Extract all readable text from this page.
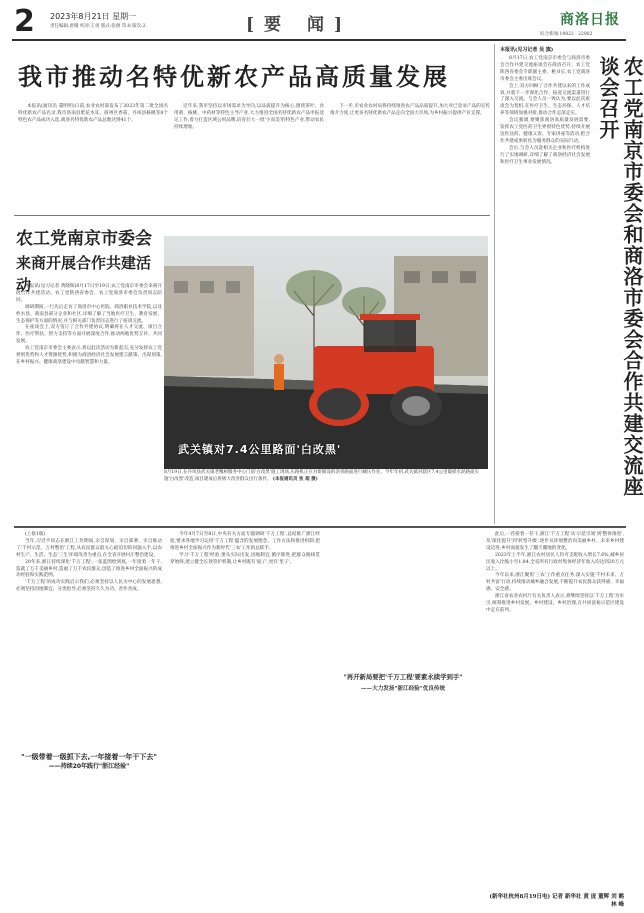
2 2023年8月21日 星期一
责任编辑:唐珊 校对:王勇 版式:张俊 印:8 版次:2	[要 闻]	商洛日报
综合新闻:19822 · 22902
我市推动名特优新农产品高质量发展

本报讯(通讯员 董明明)日前,农业农村部发布了2023年第二批全国名特优新农产品名录,我市洛南县紫花木耳、商州区香菇、丹凤县核桃等8个特色农产品成功入选,商洛名特优新农产品总数达到41个。

近年来,我市坚持以市场需求为导向,以品质提升为核心,围绕茶叶、食用菌、核桃、中药材等特色主导产业,大力推进全国名特优新农产品申报登记工作,着力打造区域公用品牌,培育壮大一批'小而美'的特色产业,带动农民持续增收。

下一步,市农业农村局将持续推进农产品品质提升,加大对已登录产品的宣传推介力度,让更多名特优新农产品走向全国大市场,为乡村振兴提供产业支撑。

本报讯(见习记者 吴 旗)
农工党南京市委会和商洛市委会合作共建交流座谈会召开

8月17日,农工党南京市委会与商洛市委会合作共建交流座谈会在商洛召开。农工党陕西省委会专职副主委、秘书长,农工党商洛市委会主委出席会议。

会上,双方回顾了合作共建以来的工作成效,并就下一步深化合作、拓宽交流渠道进行了深入交流。与会人员一致认为,要以此次座谈会为契机,在医疗卫生、生态环保、人才培养等领域加强对接,推动合作走深走实。

会议强调,要聚焦商洛高质量发展需要,发挥农工党医药卫生界别特色优势,持续开展送医送药、健康义诊、专家讲座等活动,把合作共建成果转化为服务群众的实际行动。

会后,与会人员赴相关企业和医疗机构进行了实地调研,详细了解了商洛经济社会发展和医疗卫生事业发展情况。

农工党南京市委会
来商开展合作共建活动

本报讯(见习记者 黄晓晖)8月17日至19日,农工党南京市委会来商开展合作共建活动。农工党陕西省委会、农工党商洛市委会负责同志陪同。

调研期间,一行先后走访了商洛市中心医院、商洛职业技术学院,以及柞水县、商南县部分企业和社区,详细了解了当地医疗卫生、教育发展、生态保护等方面的情况,并与相关部门负责同志进行了座谈交流。

在座谈会上,双方签订了合作共建协议,明确将在人才交流、项目合作、医疗帮扶、智力支持等方面开展深度合作,推动两地优势互补、共同发展。

农工党南京市委会主委表示,将以此次活动为新起点,充分发挥农工党界别优势和人才资源优势,积极为商洛经济社会发展建言献策、出谋划策,在乡村振兴、健康商洛建设中贡献智慧和力量。

武关镇对7.4公里路面'白改黑'
8月19日,在丹凤县武关镇老槐树服务中心门前'白改黑'施工现场,压路机正在对新铺设的沥青路面进行碾压作业。今年年初,武关镇对辖区7.4公里破损水泥路面实施'白改黑'改造,项目建成后将极大改善群众出行条件。 (本报通讯员 张 超 摄)

(上接1版)

当年,习近平同志在浙江工作期间,亲自谋划、亲自部署、亲自推动了'千村示范、万村整治'工程,从农民群众最关心最迫切的问题入手,以农村生产、生活、生态'三生'环境改善为重点,在全省开展村庄整治建设。

20年来,浙江持续深化'千万工程',一张蓝图绘到底,一年接着一年干,造就了万千美丽乡村,造福了万千农民群众,创造了推进乡村全面振兴的成功经验和实践范例。

'千万工程'的成功实践启示我们,必须坚持以人民为中心的发展思想,必须坚持因地制宜、分类指导,必须坚持久久为功、善作善成。

"一级带着一级抓下去,一年接着一年干下去"
——持续20年践行"浙江经验"

今年4月7日至8日,中央有关方面专题调研'千万工程',总结推广浙江经验,要求各地学习运用'千万工程'蕴含的发展理念、工作方法和推进机制,把推进乡村全面振兴作为新时代'三农'工作的总抓手。

学习'千万工程'经验,要从实际出发,因地制宜,循序渐进,把群众路线贯穿始终,建立健全长效管护机制,让乡村既有'面子',更有'里子'。

"再开新局要把'千万工程'要素永续学到手"
——大力发扬"浙江经验"优良传统

此后,一茬接着一茬干,浙江'千万工程'从'示范引领'到'整体推进',从'深化提升'到'转型升级',逐步从环境整治向美丽乡村、未来乡村建设迈进,乡村面貌发生了翻天覆地的变化。

2023年上半年,浙江农村居民人均可支配收入增长7.6%,城乡居民收入比缩小至1.84,全省所有行政村集体经济年收入均达到20万元以上。

今年以来,浙江聚焦'三农'工作重点任务,深入实施'千村未来、万村共富'行动,持续推动城乡融合发展,不断提升农民群众获得感、幸福感、安全感。

浙江省农业农村厅有关负责人表示,将继续坚持以'千万工程'为牵引,统筹推进乡村发展、乡村建设、乡村治理,在共同富裕示范区建设中走在前列。

(新华社杭州8月19日电) 记者 新华社 黄 庞 董辉 刘 鹤 林 峰
